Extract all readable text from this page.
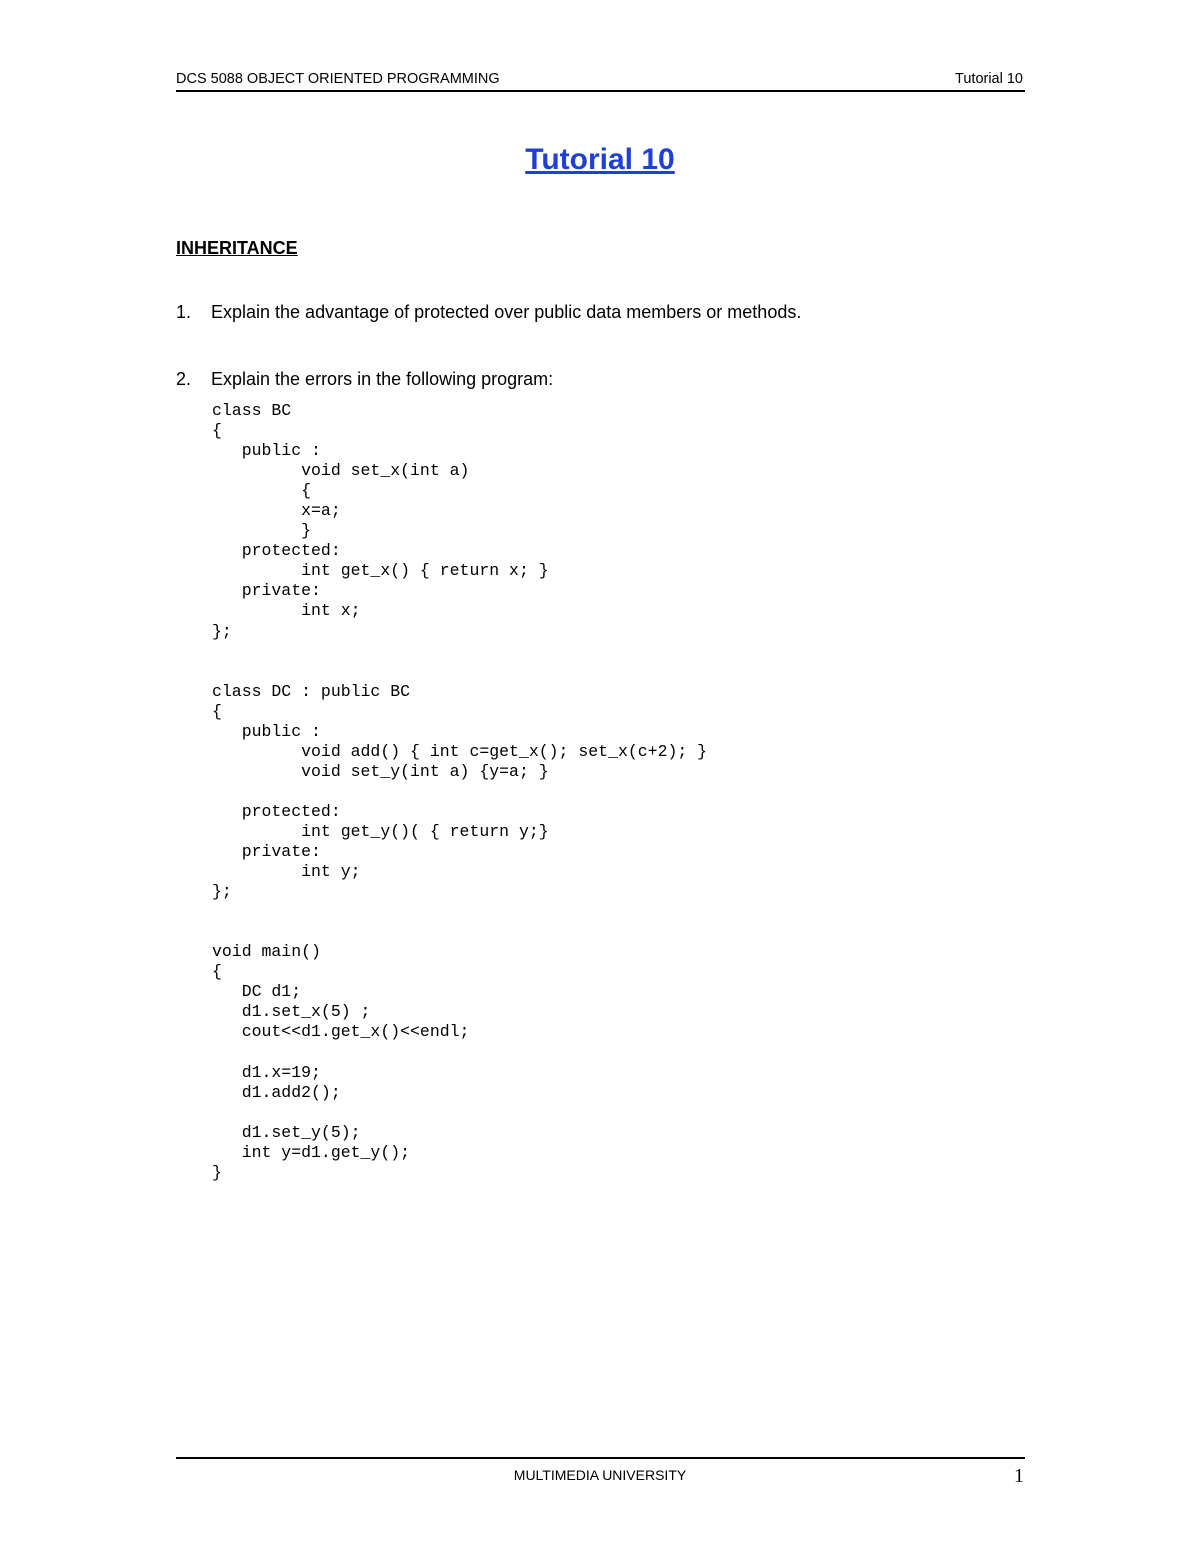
DCS 5088 OBJECT ORIENTED PROGRAMMING	Tutorial 10
Tutorial 10
INHERITANCE
1. Explain the advantage of protected over public data members or methods.
2. Explain the errors in the following program:
class BC
{
public :
void set_x(int a)
{
x=a;
}
protected:
int get_x() { return x; }
private:
int x;
};

class DC : public BC
{
public :
void add() { int c=get_x(); set_x(c+2); }
void set_y(int a) {y=a; }

protected:
int get_y()( { return y;}
private:
int y;
};

void main()
{
DC d1;
d1.set_x(5) ;
cout<<d1.get_x()<<endl;

d1.x=19;
d1.add2();

d1.set_y(5);
int y=d1.get_y();
}
MULTIMEDIA UNIVERSITY	1
